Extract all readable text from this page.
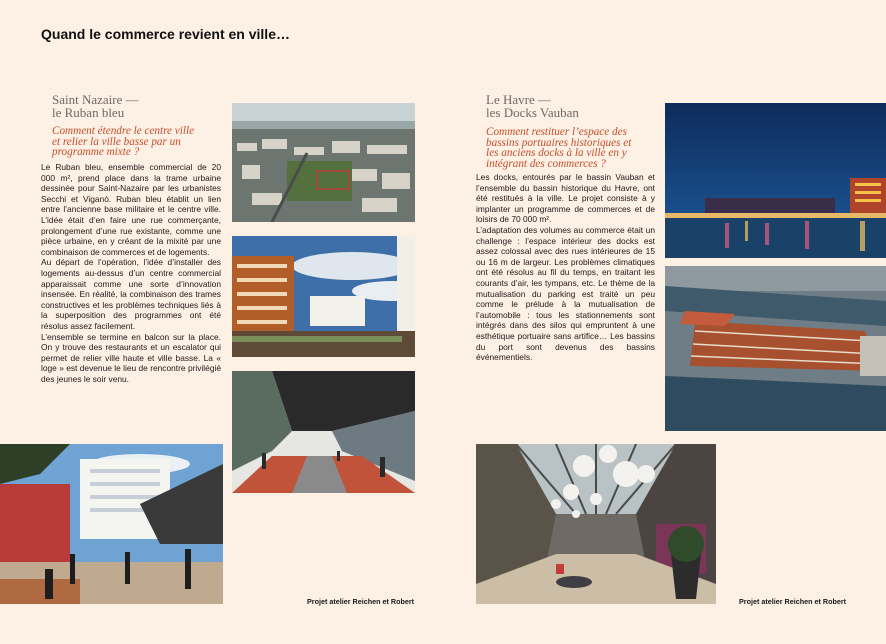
Quand le commerce revient en ville…
Saint Nazaire —
le Ruban bleu
Comment étendre le centre ville
et relier la ville basse par un
programme mixte ?

Le Ruban bleu, ensemble commercial de 20 000 m², prend place dans la trame urbaine dessinée pour Saint-Nazaire par les urbanistes Secchi et Viganò. Ruban bleu établit un lien entre l’ancienne base militaire et le centre ville. L’idée était d’en faire une rue commerçante, prolongement d’une rue existante, comme une pièce urbaine, en y créant de la mixité par une combinaison de commerces et de logements.

Au départ de l’opération, l’idée d’installer des logements au-dessus d’un centre commercial apparaissait comme une sorte d’innovation insensée. En réalité, la combinaison des trames constructives et les problèmes techniques liés à la superposition des programmes ont été résolus assez facilement.

L’ensemble se termine en balcon sur la place. On y trouve des restaurants et un escalator qui permet de relier ville haute et ville basse. La « loge » est devenue le lieu de rencontre privilégié des jeunes le soir venu.

Projet atelier Reichen et Robert
Le Havre —
les Docks Vauban
Comment restituer l’espace des
bassins portuaires historiques et
les anciens docks à la ville en y
intégrant des commerces ?

Les docks, entourés par le bassin Vauban et l’ensemble du bassin historique du Havre, ont été restitués à la ville. Le projet consiste à y implanter un programme de commerces et de loisirs de 70 000 m².

L’adaptation des volumes au commerce était un challenge : l’espace intérieur des docks est assez colossal avec des rues intérieures de 15 ou 16 m de largeur. Les problèmes climatiques ont été résolus au fil du temps, en traitant les courants d’air, les tympans, etc. Le thème de la mutualisation du parking est traité un peu comme le prélude à la mutualisation de l’automobile : tous les stationnements sont intégrés dans des silos qui empruntent à une esthétique portuaire sans artifice… Les bassins du port sont devenus des bassins événementiels.

Projet atelier Reichen et Robert
